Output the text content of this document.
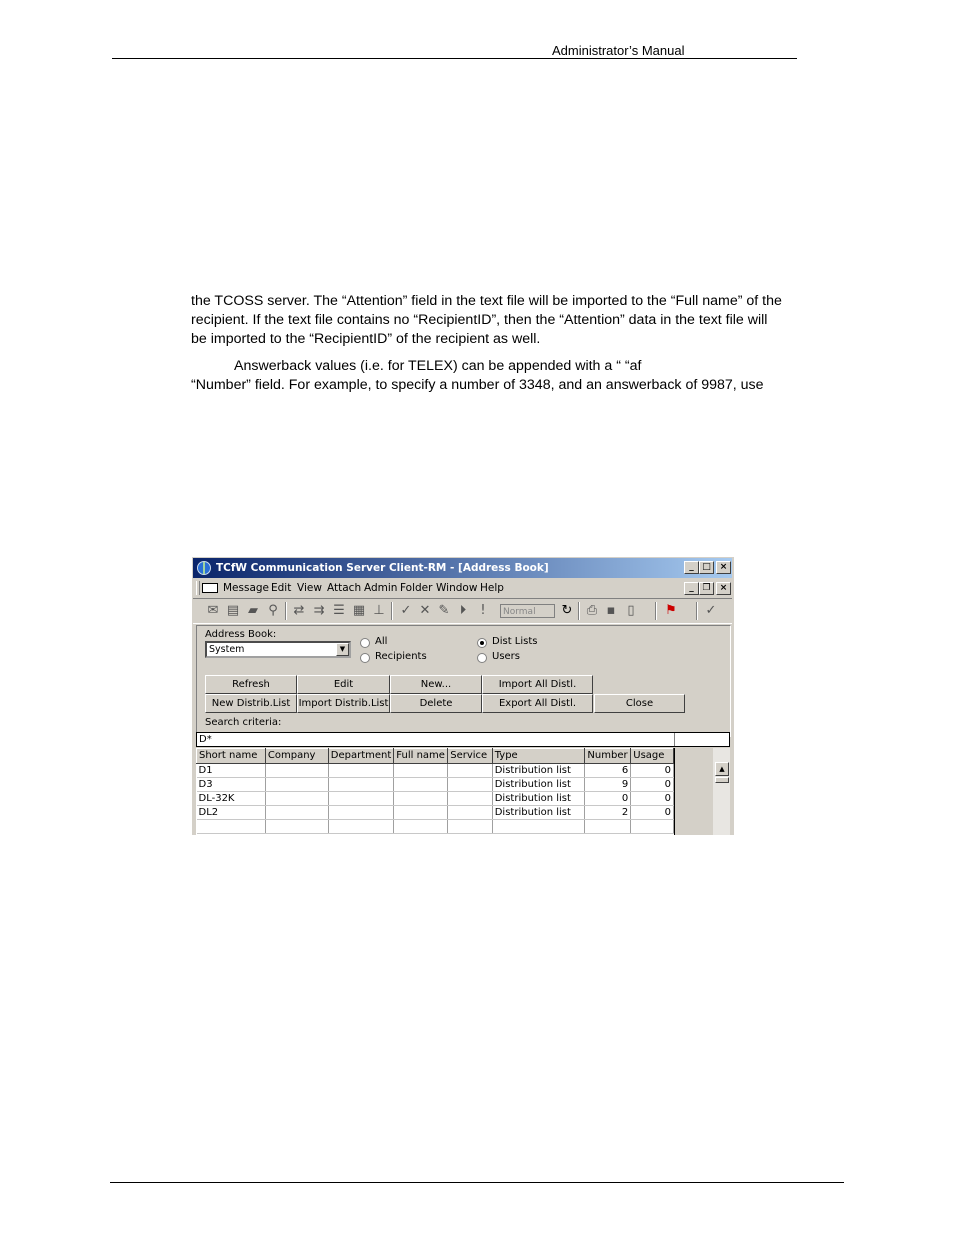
Administrator’s Manual
the TCOSS server. The “Attention” field in the text file will be imported to the “Full name” of the
recipient. If the text file contains no “RecipientID”, then the “Attention” data in the text file will
be imported to the “RecipientID” of the recipient as well.
Answerback values (i.e. for TELEX) can be appended with a “ “af
“Number” field. For example, to specify a number of 3348, and an answerback of 9987, use
TCfW Communication Server Client-RM - [Address Book]	_ □ ×
Message Edit View Attach Admin Folder Window Help	_ ❐	×
✉ ▤ ▰ ⚲ ⇄ ⇉ ☰ ▦ ⊥ ✓ ✕ ✎ ⏵	!	Normal	↻ ⎙ ▪ ▯	⚑ ✓
Address Book:
System	▼
All
Recipients
Dist Lists
Users
Refresh	Edit	New...	Import All Distl.
New Distrib.List Import Distrib.List	Delete	Export All Distl.	Close
Search criteria:
D*
Short name	Company	Department	Full name	Service	Type	Number	Usage
D1					Distribution list	6	0
D3					Distribution list	9	0
DL-32K					Distribution list	0	0
DL2					Distribution list	2	0

▲
